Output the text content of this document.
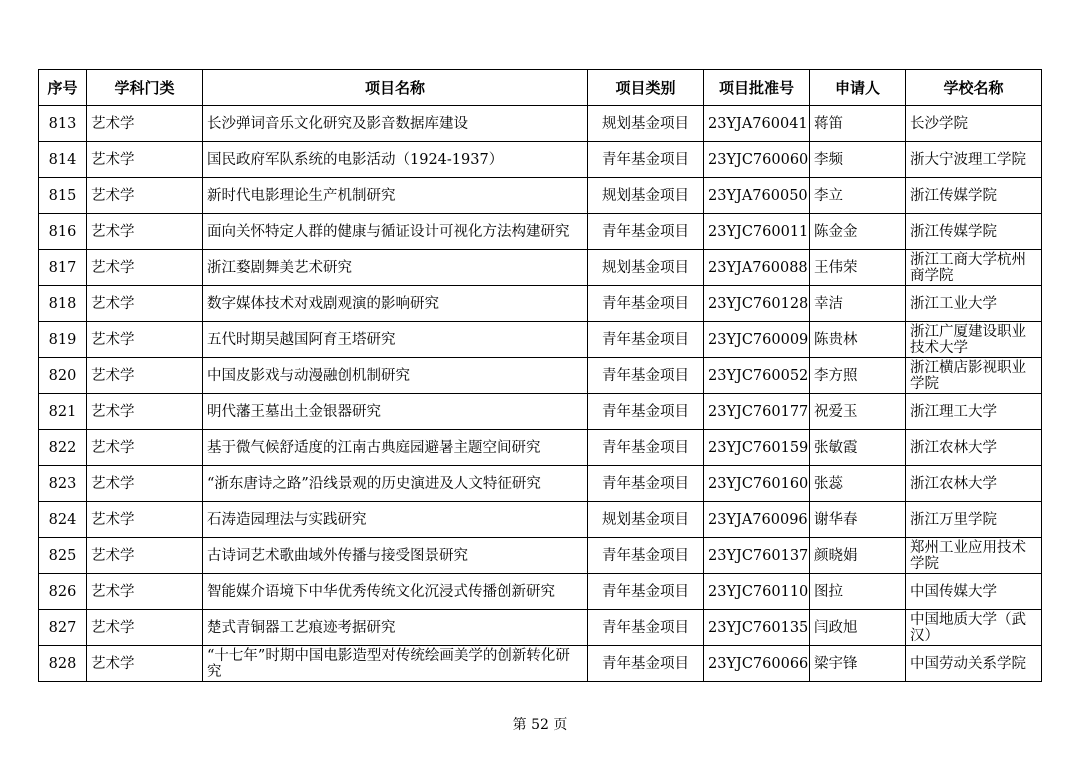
序号	学科门类	项目名称	项目类别	项目批准号	申请人	学校名称
813	艺术学	长沙弹词音乐文化研究及影音数据库建设	规划基金项目	23YJA760041	蒋笛	长沙学院
814	艺术学	国民政府军队系统的电影活动（1924-1937）	青年基金项目	23YJC760060	李频	浙大宁波理工学院
815	艺术学	新时代电影理论生产机制研究	规划基金项目	23YJA760050	李立	浙江传媒学院
816	艺术学	面向关怀特定人群的健康与循证设计可视化方法构建研究	青年基金项目	23YJC760011	陈金金	浙江传媒学院
817	艺术学	浙江婺剧舞美艺术研究	规划基金项目	23YJA760088	王伟荣	浙江工商大学杭州商学院
818	艺术学	数字媒体技术对戏剧观演的影响研究	青年基金项目	23YJC760128	幸洁	浙江工业大学
819	艺术学	五代时期吴越国阿育王塔研究	青年基金项目	23YJC760009	陈贵林	浙江广厦建设职业技术大学
820	艺术学	中国皮影戏与动漫融创机制研究	青年基金项目	23YJC760052	李方照	浙江横店影视职业学院
821	艺术学	明代藩王墓出土金银器研究	青年基金项目	23YJC760177	祝爱玉	浙江理工大学
822	艺术学	基于微气候舒适度的江南古典庭园避暑主题空间研究	青年基金项目	23YJC760159	张敏霞	浙江农林大学
823	艺术学	“浙东唐诗之路”沿线景观的历史演进及人文特征研究	青年基金项目	23YJC760160	张蕊	浙江农林大学
824	艺术学	石涛造园理法与实践研究	规划基金项目	23YJA760096	谢华春	浙江万里学院
825	艺术学	古诗词艺术歌曲域外传播与接受图景研究	青年基金项目	23YJC760137	颜晓娟	郑州工业应用技术学院
826	艺术学	智能媒介语境下中华优秀传统文化沉浸式传播创新研究	青年基金项目	23YJC760110	图拉	中国传媒大学
827	艺术学	楚式青铜器工艺痕迹考据研究	青年基金项目	23YJC760135	闫政旭	中国地质大学（武汉）
828	艺术学	“十七年”时期中国电影造型对传统绘画美学的创新转化研究	青年基金项目	23YJC760066	梁宇锋	中国劳动关系学院
第 52 页
